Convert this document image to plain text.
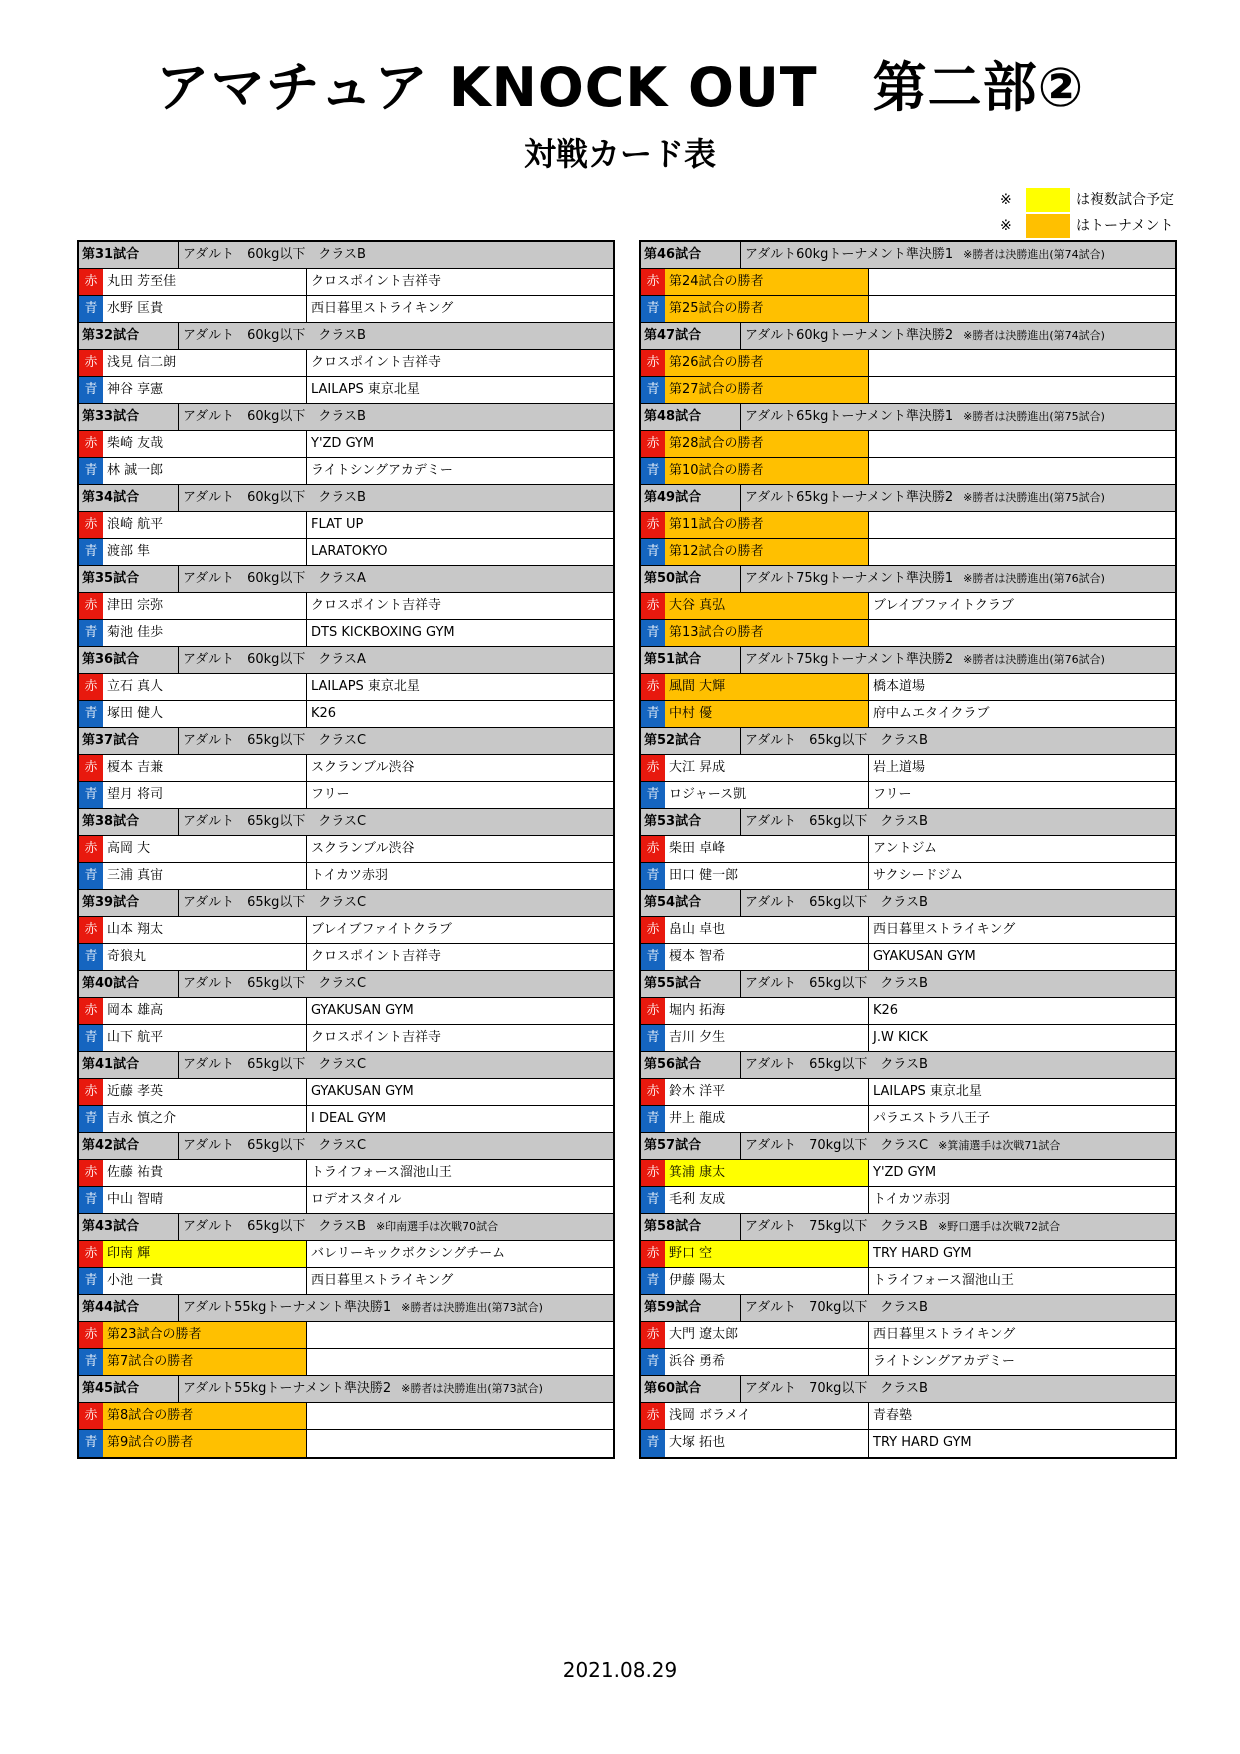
アマチュア KNOCK OUT　第二部②
対戦カード表
※	は複数試合予定
※	はトーナメント
第31試合	アダルト　60kg以下　クラスB
赤 丸田 芳至佳	クロスポイント吉祥寺
青 水野 匡貴	西日暮里ストライキング
第32試合	アダルト　60kg以下　クラスB
赤 浅見 信二朗	クロスポイント吉祥寺
青 神谷 享憲	LAILAPS 東京北星
第33試合	アダルト　60kg以下　クラスB
赤 柴崎 友哉	Y'ZD GYM
青 林 誠一郎	ライトシングアカデミー
第34試合	アダルト　60kg以下　クラスB
赤 浪崎 航平	FLAT UP
青 渡部 隼	LARATOKYO
第35試合	アダルト　60kg以下　クラスA
赤 津田 宗弥	クロスポイント吉祥寺
青 菊池 佳歩	DTS KICKBOXING GYM
第36試合	アダルト　60kg以下　クラスA
赤 立石 真人	LAILAPS 東京北星
青 塚田 健人	K26
第37試合	アダルト　65kg以下　クラスC
赤 榎本 吉兼	スクランブル渋谷
青 望月 将司	フリー
第38試合	アダルト　65kg以下　クラスC
赤 高岡 大	スクランブル渋谷
青 三浦 真宙	トイカツ赤羽
第39試合	アダルト　65kg以下　クラスC
赤 山本 翔太	ブレイブファイトクラブ
青 奇狼丸	クロスポイント吉祥寺
第40試合	アダルト　65kg以下　クラスC
赤 岡本 雄高	GYAKUSAN GYM
青 山下 航平	クロスポイント吉祥寺
第41試合	アダルト　65kg以下　クラスC
赤 近藤 孝英	GYAKUSAN GYM
青 吉永 慎之介	I DEAL GYM
第42試合	アダルト　65kg以下　クラスC
赤 佐藤 祐貴	トライフォース溜池山王
青 中山 智晴	ロデオスタイル
第43試合	アダルト　65kg以下　クラスB ※印南選手は次戦70試合
赤 印南 輝	バレリーキックボクシングチーム
青 小池 一貴	西日暮里ストライキング
第44試合	アダルト55kgトーナメント準決勝1 ※勝者は決勝進出(第73試合)
赤 第23試合の勝者
青 第7試合の勝者
第45試合	アダルト55kgトーナメント準決勝2 ※勝者は決勝進出(第73試合)
赤 第8試合の勝者
青 第9試合の勝者
第46試合	アダルト60kgトーナメント準決勝1 ※勝者は決勝進出(第74試合)
赤 第24試合の勝者
青 第25試合の勝者
第47試合	アダルト60kgトーナメント準決勝2 ※勝者は決勝進出(第74試合)
赤 第26試合の勝者
青 第27試合の勝者
第48試合	アダルト65kgトーナメント準決勝1 ※勝者は決勝進出(第75試合)
赤 第28試合の勝者
青 第10試合の勝者
第49試合	アダルト65kgトーナメント準決勝2 ※勝者は決勝進出(第75試合)
赤 第11試合の勝者
青 第12試合の勝者
第50試合	アダルト75kgトーナメント準決勝1 ※勝者は決勝進出(第76試合)
赤 大谷 真弘	ブレイブファイトクラブ
青 第13試合の勝者
第51試合	アダルト75kgトーナメント準決勝2 ※勝者は決勝進出(第76試合)
赤 風間 大輝	橋本道場
青 中村 優	府中ムエタイクラブ
第52試合	アダルト　65kg以下　クラスB
赤 大江 昇成	岩上道場
青 ロジャース凱	フリー
第53試合	アダルト　65kg以下　クラスB
赤 柴田 卓峰	アントジム
青 田口 健一郎	サクシードジム
第54試合	アダルト　65kg以下　クラスB
赤 畠山 卓也	西日暮里ストライキング
青 榎本 智希	GYAKUSAN GYM
第55試合	アダルト　65kg以下　クラスB
赤 堀内 拓海	K26
青 吉川 夕生	J.W KICK
第56試合	アダルト　65kg以下　クラスB
赤 鈴木 洋平	LAILAPS 東京北星
青 井上 龍成	パラエストラ八王子
第57試合	アダルト　70kg以下　クラスC ※箕浦選手は次戦71試合
赤 箕浦 康太	Y'ZD GYM
青 毛利 友成	トイカツ赤羽
第58試合	アダルト　75kg以下　クラスB ※野口選手は次戦72試合
赤 野口 空	TRY HARD GYM
青 伊藤 陽太	トライフォース溜池山王
第59試合	アダルト　70kg以下　クラスB
赤 大門 遼太郎	西日暮里ストライキング
青 浜谷 勇希	ライトシングアカデミー
第60試合	アダルト　70kg以下　クラスB
赤 浅岡 ボラメイ	青春塾
青 大塚 拓也	TRY HARD GYM
2021.08.29
